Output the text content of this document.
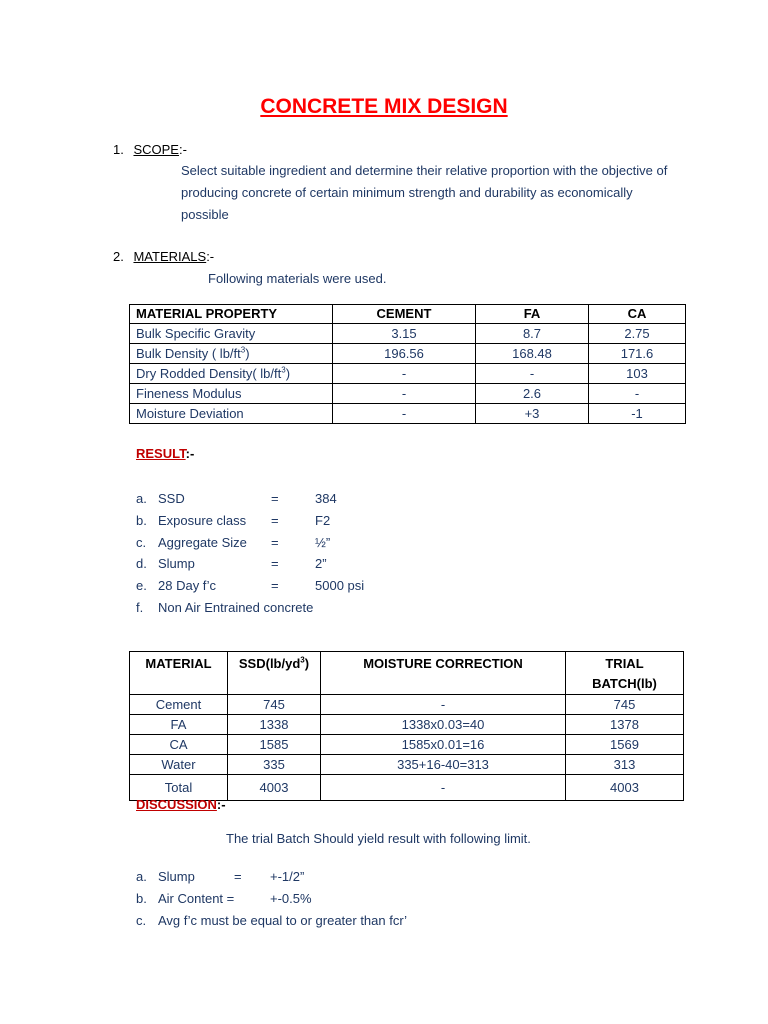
CONCRETE MIX DESIGN
1. SCOPE:-
Select suitable ingredient and determine their relative proportion with the objective of producing concrete of certain minimum strength and durability as economically possible
2. MATERIALS:-
Following materials were used.
MATERIAL PROPERTY	CEMENT	FA	CA
Bulk Specific Gravity	3.15	8.7	2.75
Bulk Density ( $lb/ft^3$)	196.56	168.48	171.6
Dry Rodded Density( $lb/ft^3$)	-	-	103
Fineness Modulus	-	2.6	-
Moisture Deviation	-	+3	-1
RESULT:-
a. SSD	=	384
b. Exposure class =	F2
c. Aggregate Size =	½”
d. Slump	=	2”
e. 28 Day f’c	=	5000 psi
f. Non Air Entrained concrete
MATERIAL	$SSD(lb/yd^3)$	MOISTURE CORRECTION	TRIAL
BATCH(lb)
Cement	745	-	745
FA	1338	1338x0.03=40	1378
CA	1585	1585x0.01=16	1569
Water	335	335+16-40=313	313
Total	4003	-	4003
DISCUSSION:-
The trial Batch Should yield result with following limit.
a. Slump	= +-1/2”
b. Air Content =	+-0.5%
c. Avg f’c must be equal to or greater than fcr’
